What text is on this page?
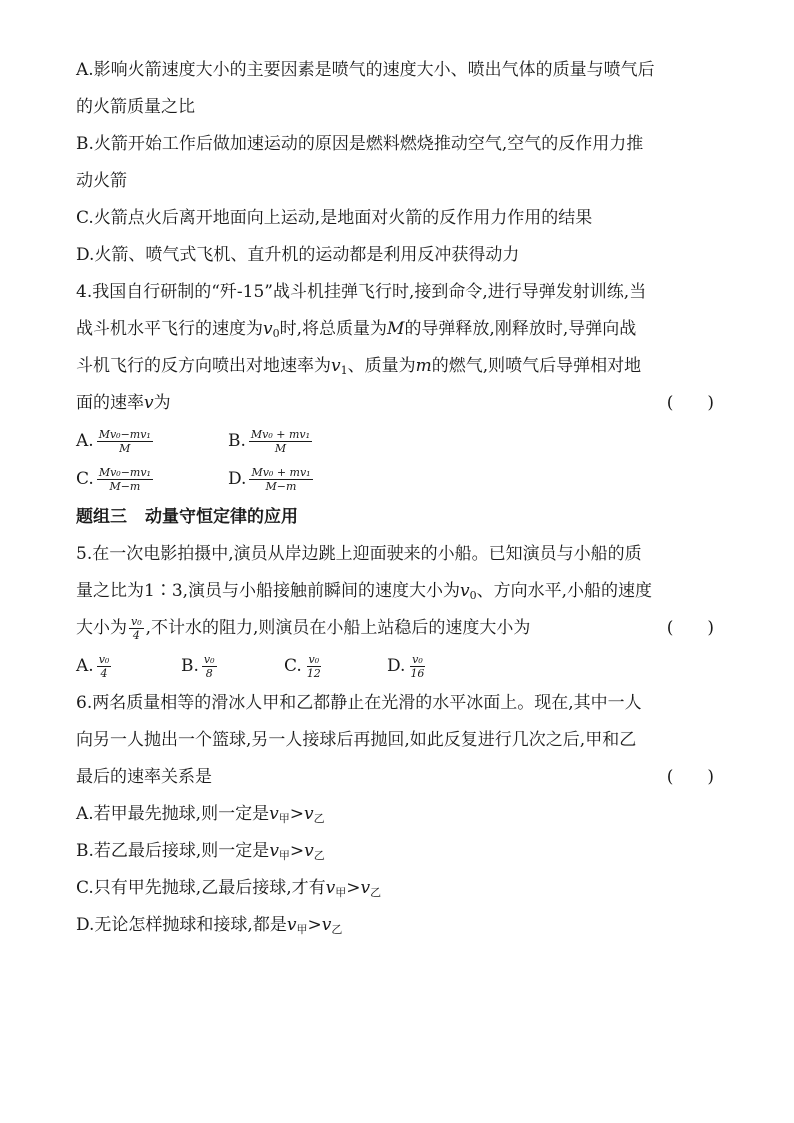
A.影响火箭速度大小的主要因素是喷气的速度大小、喷出气体的质量与喷气后
的火箭质量之比
B.火箭开始工作后做加速运动的原因是燃料燃烧推动空气,空气的反作用力推
动火箭
C.火箭点火后离开地面向上运动,是地面对火箭的反作用力作用的结果
D.火箭、喷气式飞机、直升机的运动都是利用反冲获得动力
4.我国自行研制的“歼-15”战斗机挂弹飞行时,接到命令,进行导弹发射训练,当
战斗机水平飞行的速度为$v_0$时,将总质量为M的导弹释放,刚释放时,导弹向战
斗机飞行的反方向喷出对地速率为$v_1$、质量为m的燃气,则喷气后导弹相对地
面的速率v为	(　　)
A. $\frac{\text{Mv₀−mv₁}}{M}$	B. $\frac{\text{Mv₀ + mv₁}}{M}$
C. $\frac{\text{Mv₀−mv₁}}{M-m}$	D. $\frac{\text{Mv₀ + mv₁}}{M-m}$
题组三 动量守恒定律的应用
5.在一次电影拍摄中,演员从岸边跳上迎面驶来的小船。已知演员与小船的质
量之比为1∶3,演员与小船接触前瞬间的速度大小为$v_0$、方向水平,小船的速度
大小为 $\frac{\text{v₀}}{4}$ ,不计水的阻力,则演员在小船上站稳后的速度大小为	(　　)
A. $\frac{\text{v₀}}{4}$	B. $\frac{\text{v₀}}{8}$	C. $\frac{\text{v₀}}{12}$	D. $\frac{\text{v₀}}{16}$
6.两名质量相等的滑冰人甲和乙都静止在光滑的水平冰面上。现在,其中一人
向另一人抛出一个篮球,另一人接球后再抛回,如此反复进行几次之后,甲和乙
最后的速率关系是	(　　)
A.若甲最先抛球,则一定是v甲>v乙
B.若乙最后接球,则一定是v甲>v乙
C.只有甲先抛球,乙最后接球,才有v甲>v乙
D.无论怎样抛球和接球,都是v甲>v乙
